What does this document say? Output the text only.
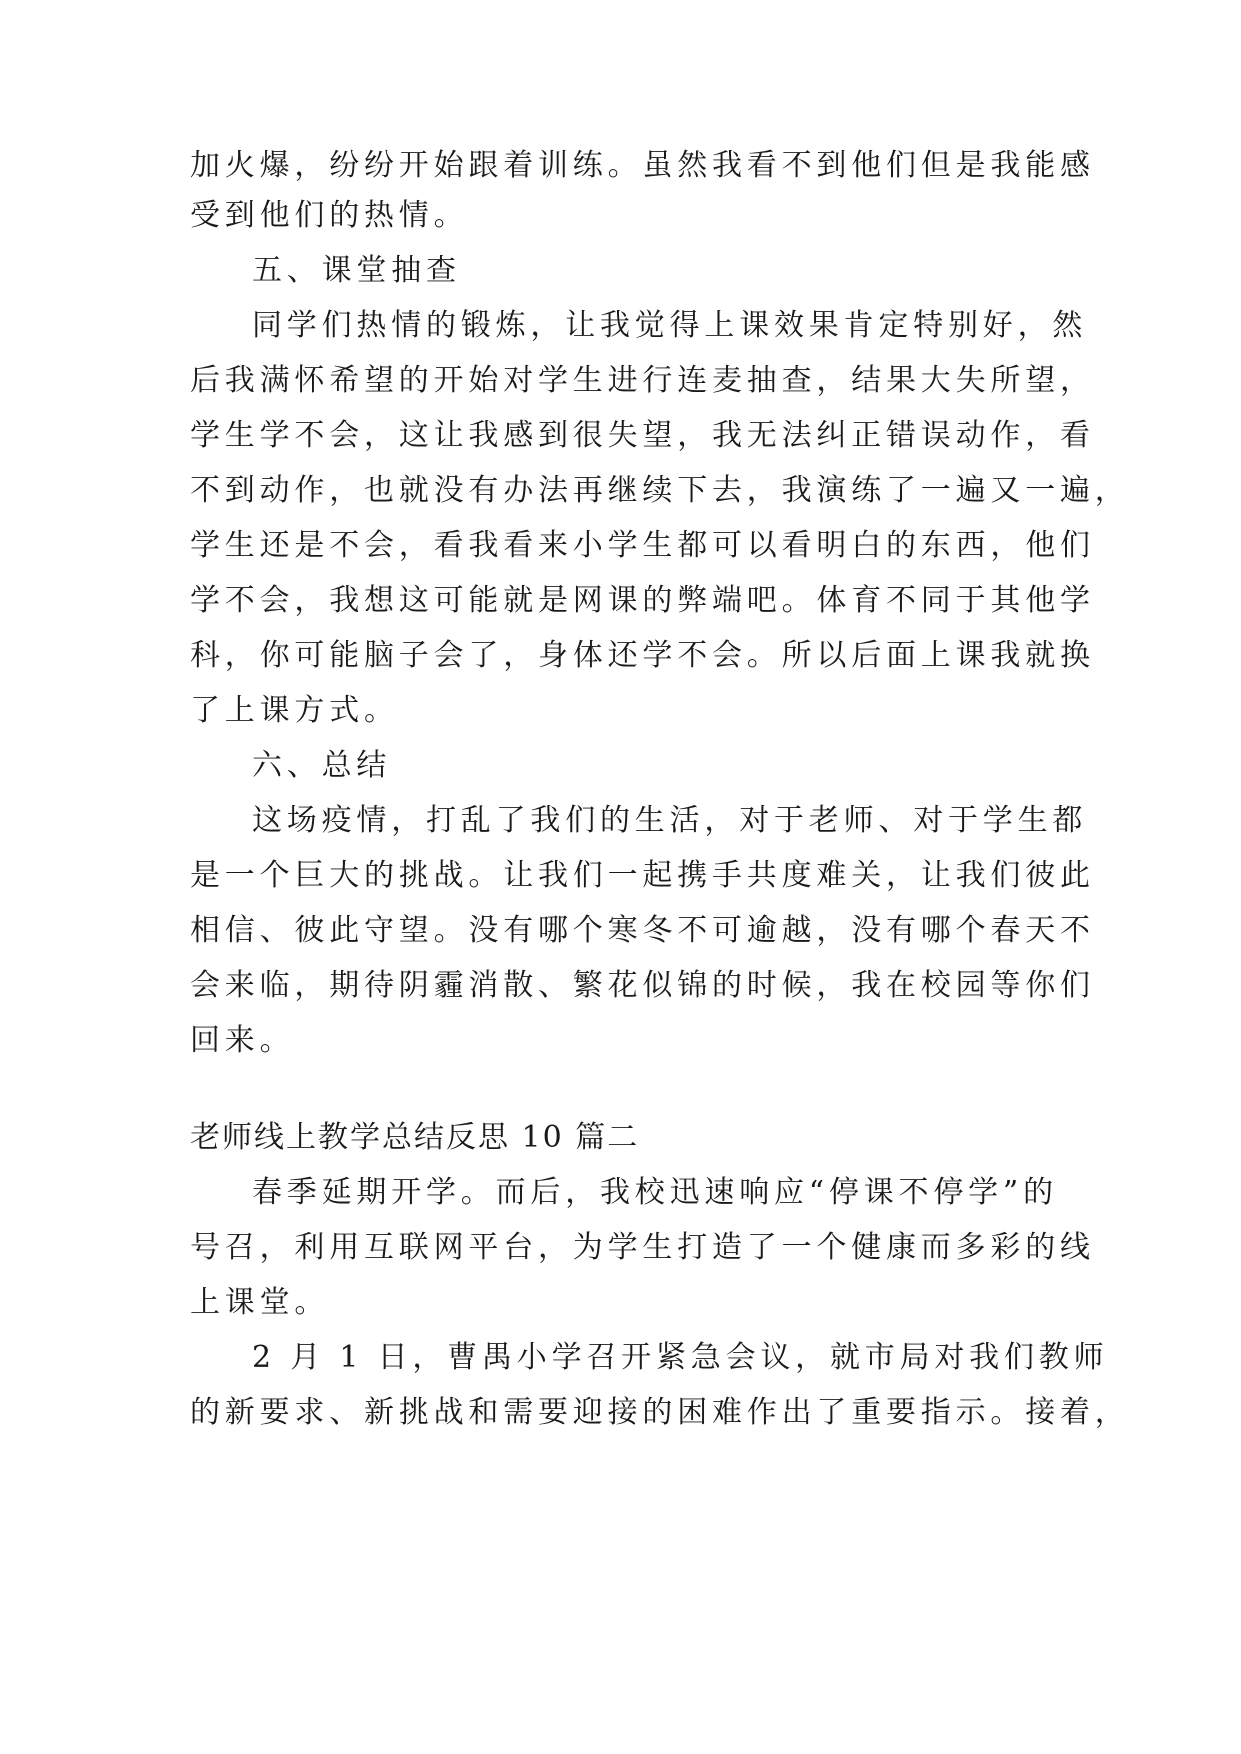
加火爆，纷纷开始跟着训练。虽然我看不到他们但是我能感
受到他们的热情。
五、课堂抽查
同学们热情的锻炼，让我觉得上课效果肯定特别好，然
后我满怀希望的开始对学生进行连麦抽查，结果大失所望，
学生学不会，这让我感到很失望，我无法纠正错误动作，看
不到动作，也就没有办法再继续下去，我演练了一遍又一遍，
学生还是不会，看我看来小学生都可以看明白的东西，他们
学不会，我想这可能就是网课的弊端吧。体育不同于其他学
科，你可能脑子会了，身体还学不会。所以后面上课我就换
了上课方式。
六、总结
这场疫情，打乱了我们的生活，对于老师、对于学生都
是一个巨大的挑战。让我们一起携手共度难关，让我们彼此
相信、彼此守望。没有哪个寒冬不可逾越，没有哪个春天不
会来临，期待阴霾消散、繁花似锦的时候，我在校园等你们
回来。
老师线上教学总结反思 10 篇二
春季延期开学。而后，我校迅速响应“停课不停学”的
号召，利用互联网平台，为学生打造了一个健康而多彩的线
上课堂。
2 月 1 日，曹禺小学召开紧急会议，就市局对我们教师
的新要求、新挑战和需要迎接的困难作出了重要指示。接着，
